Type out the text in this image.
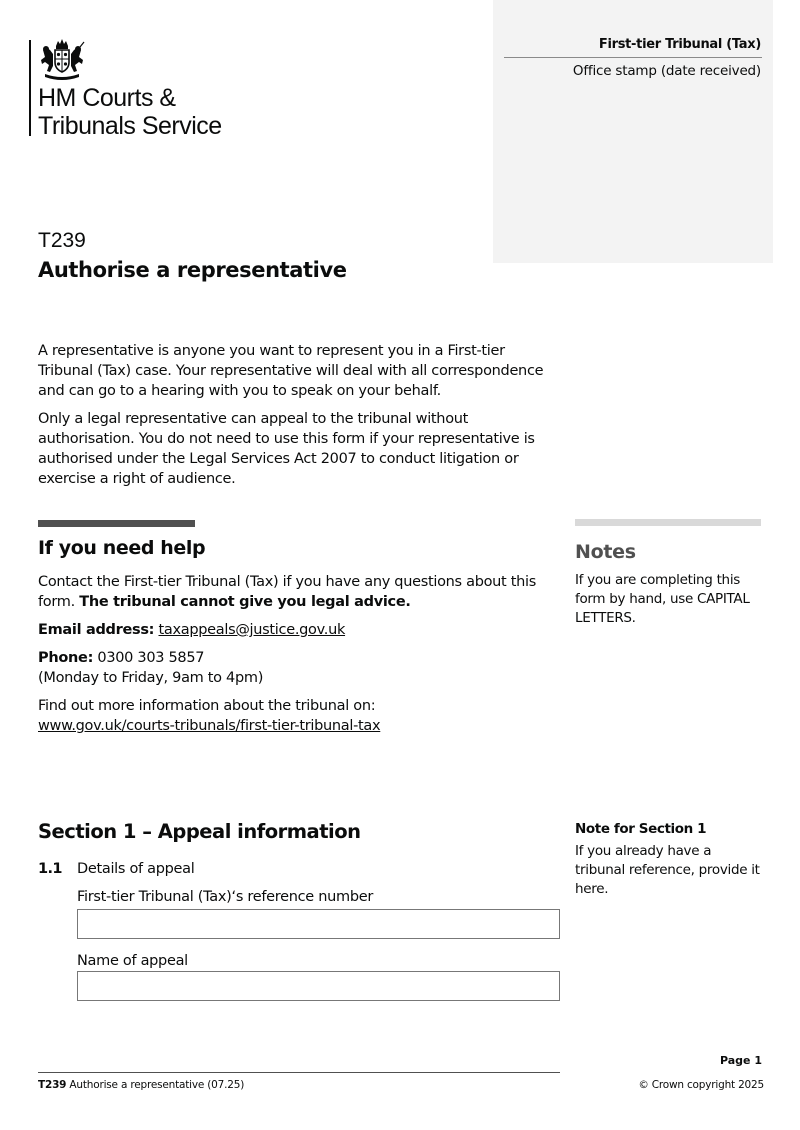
HM Courts &
Tribunals Service
First-tier Tribunal (Tax)
Office stamp (date received)
T239
Authorise a representative

A representative is anyone you want to represent you in a First-tier Tribunal (Tax) case. Your representative will deal with all correspondence and can go to a hearing with you to speak on your behalf.

Only a legal representative can appeal to the tribunal without authorisation. You do not need to use this form if your representative is authorised under the Legal Services Act 2007 to conduct litigation or exercise a right of audience.

If you need help

Contact the First-tier Tribunal (Tax) if you have any questions about this form. The tribunal cannot give you legal advice.

Email address: taxappeals@justice.gov.uk

Phone: 0300 303 5857
(Monday to Friday, 9am to 4pm)

Find out more information about the tribunal on:
www.gov.uk/courts-tribunals/first-tier-tribunal-tax

Notes
If you are completing this form by hand, use CAPITAL LETTERS.
Section 1 – Appeal information
1.1 Details of appeal
First-tier Tribunal (Tax)‘s reference number
Name of appeal
Note for Section 1
If you already have a tribunal reference, provide it here.
Page 1
T239 Authorise a representative (07.25)	© Crown copyright 2025
